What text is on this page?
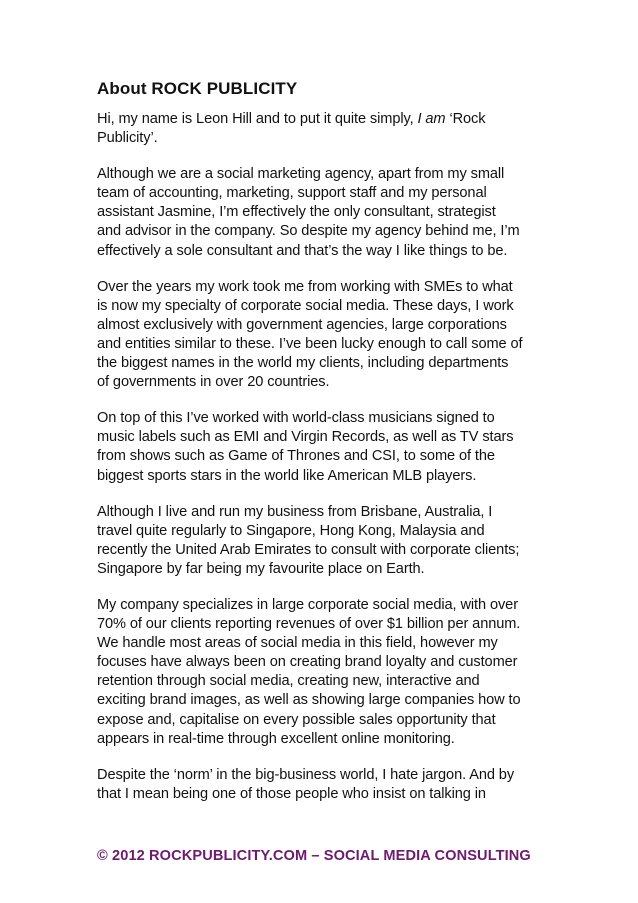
About ROCK PUBLICITY
Hi, my name is Leon Hill and to put it quite simply, I am ‘Rock
Publicity’.
Although we are a social marketing agency, apart from my small
team of accounting, marketing, support staff and my personal
assistant Jasmine, I’m effectively the only consultant, strategist
and advisor in the company. So despite my agency behind me, I’m
effectively a sole consultant and that’s the way I like things to be.
Over the years my work took me from working with SMEs to what
is now my specialty of corporate social media. These days, I work
almost exclusively with government agencies, large corporations
and entities similar to these. I’ve been lucky enough to call some of
the biggest names in the world my clients, including departments
of governments in over 20 countries.
On top of this I’ve worked with world-class musicians signed to
music labels such as EMI and Virgin Records, as well as TV stars
from shows such as Game of Thrones and CSI, to some of the
biggest sports stars in the world like American MLB players.
Although I live and run my business from Brisbane, Australia, I
travel quite regularly to Singapore, Hong Kong, Malaysia and
recently the United Arab Emirates to consult with corporate clients;
Singapore by far being my favourite place on Earth.
My company specializes in large corporate social media, with over
70% of our clients reporting revenues of over $1 billion per annum.
We handle most areas of social media in this field, however my
focuses have always been on creating brand loyalty and customer
retention through social media, creating new, interactive and
exciting brand images, as well as showing large companies how to
expose and, capitalise on every possible sales opportunity that
appears in real-time through excellent online monitoring.
Despite the ‘norm’ in the big-business world, I hate jargon. And by
that I mean being one of those people who insist on talking in
© 2012 ROCKPUBLICITY.COM – SOCIAL MEDIA CONSULTING
